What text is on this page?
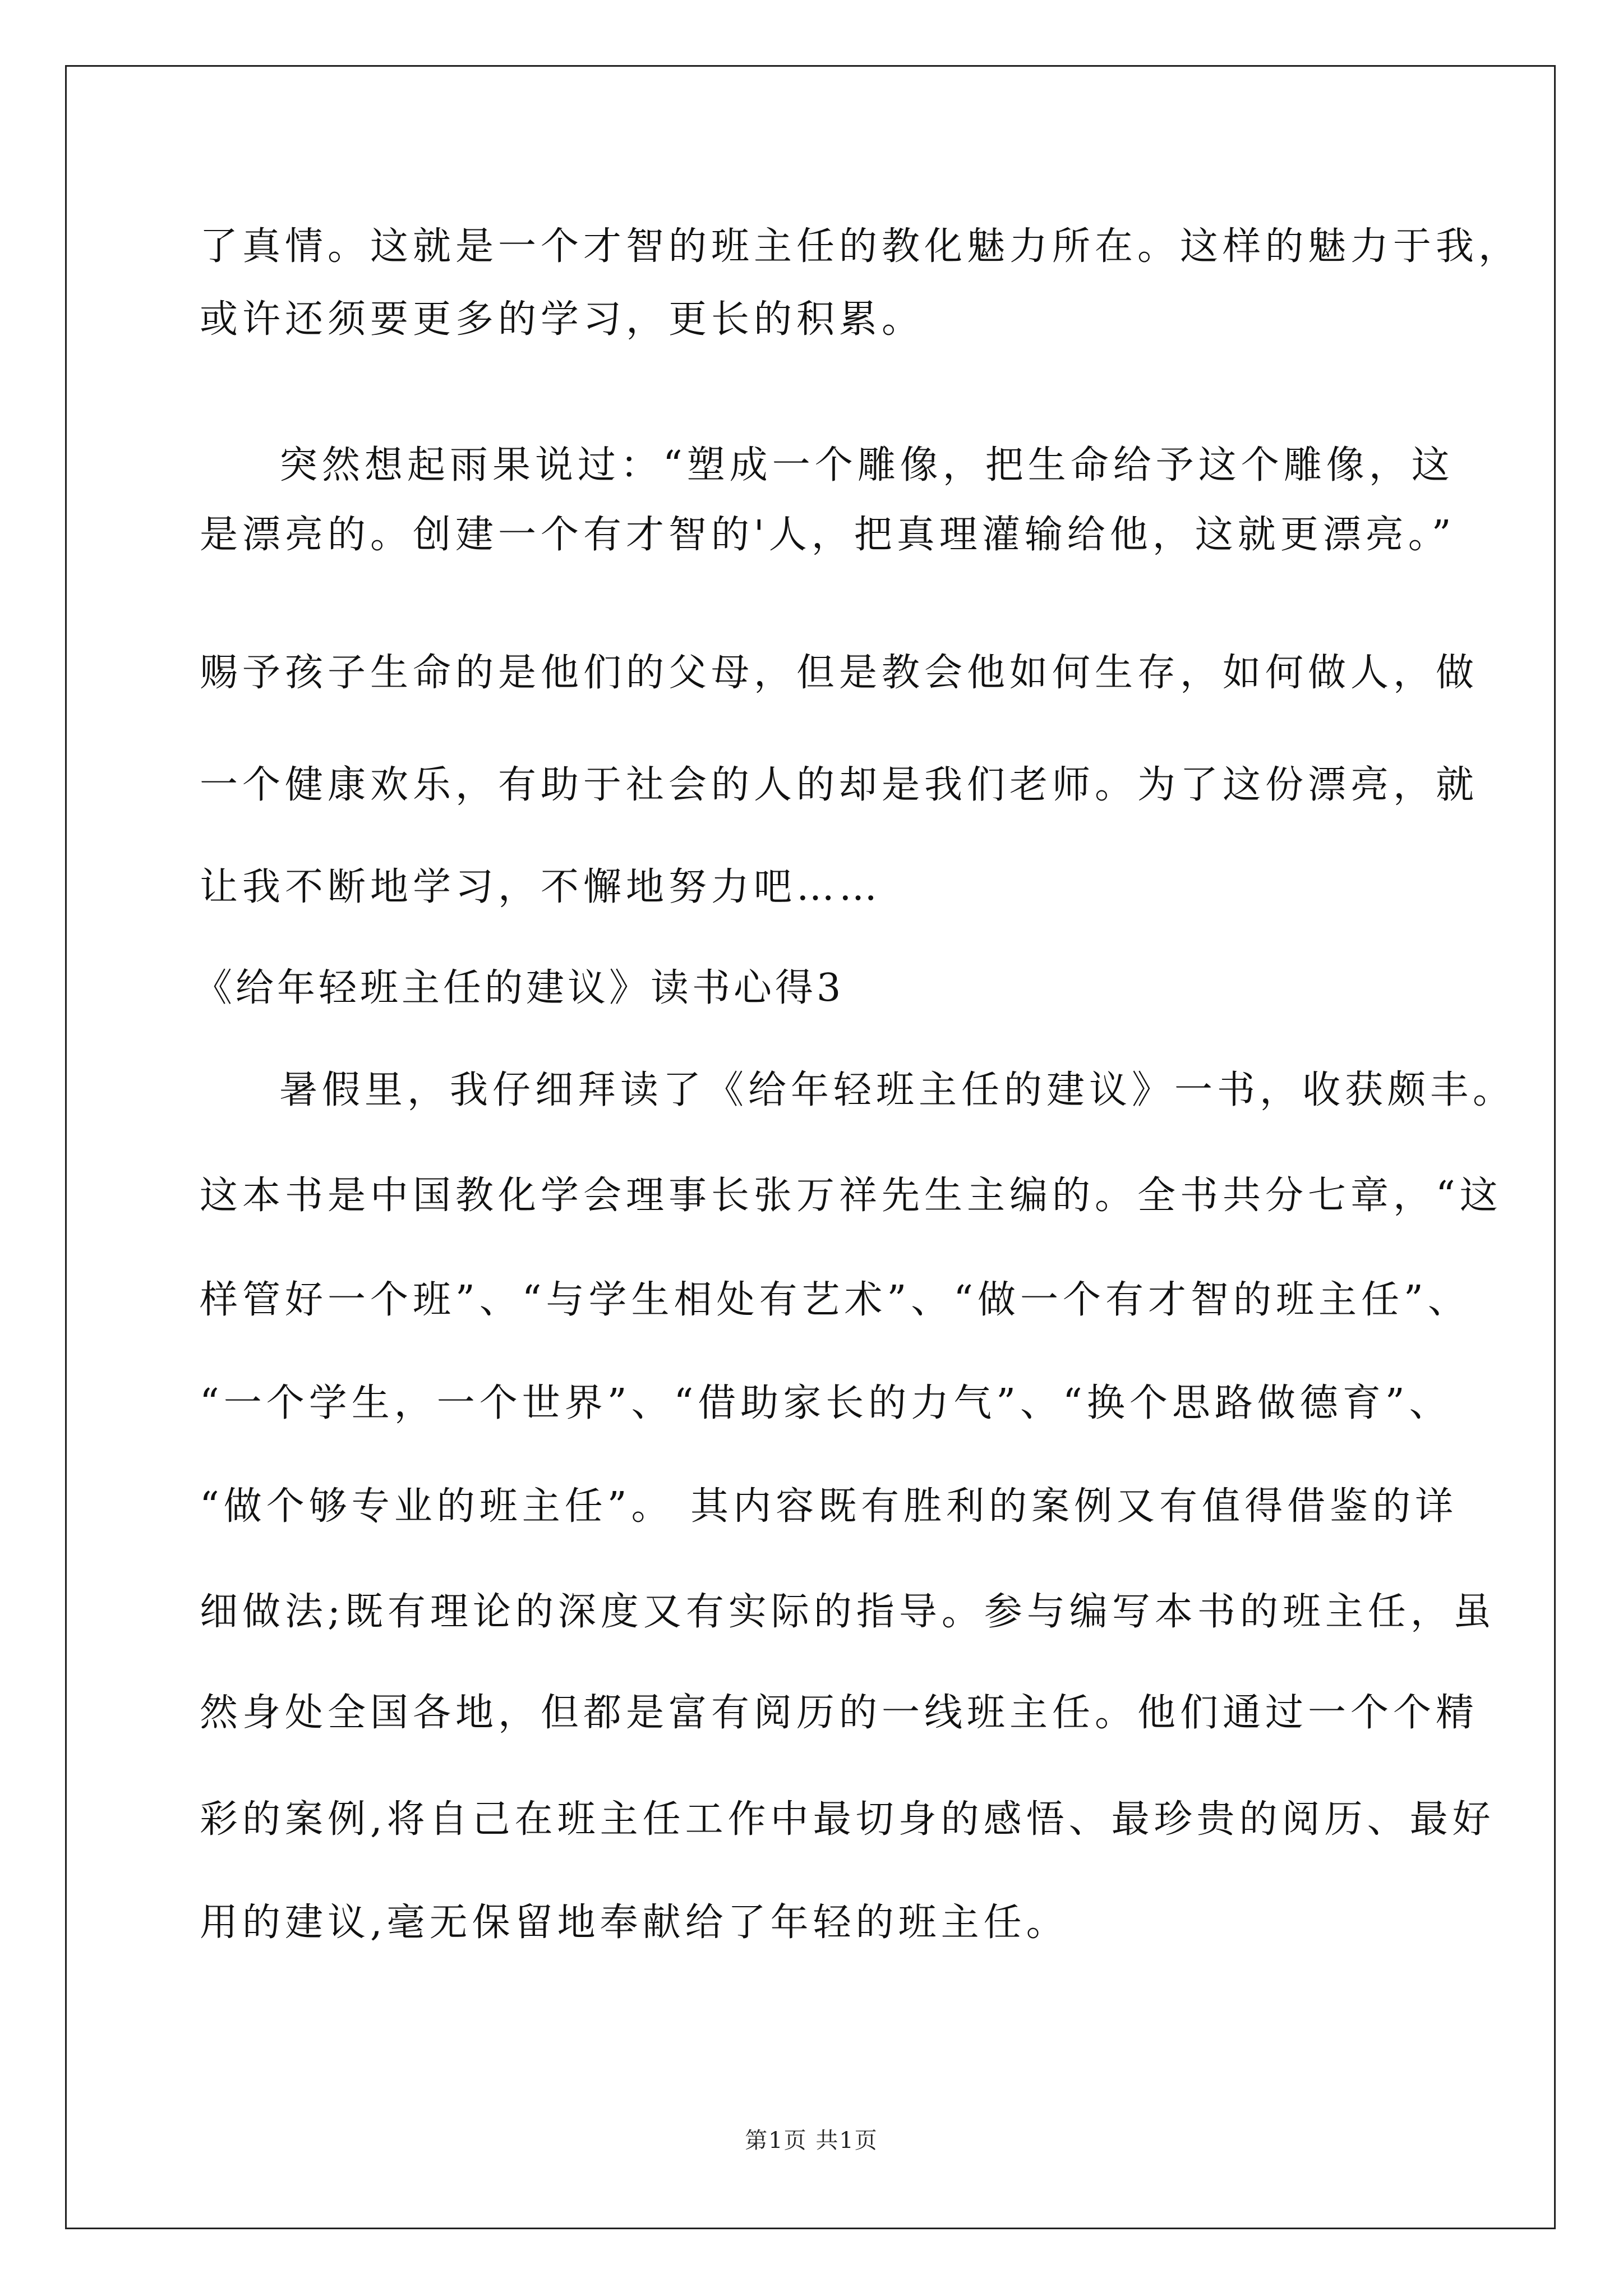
了真情。这就是一个才智的班主任的教化魅力所在。这样的魅力于我，
或许还须要更多的学习，更长的积累。
突然想起雨果说过：“塑成一个雕像，把生命给予这个雕像，这
是漂亮的。创建一个有才智的'人，把真理灌输给他，这就更漂亮。”
赐予孩子生命的是他们的父母，但是教会他如何生存，如何做人，做
一个健康欢乐，有助于社会的人的却是我们老师。为了这份漂亮，就
让我不断地学习，不懈地努力吧……
《给年轻班主任的建议》读书心得3
暑假里，我仔细拜读了《给年轻班主任的建议》一书，收获颇丰。
这本书是中国教化学会理事长张万祥先生主编的。全书共分七章，“这
样管好一个班”、“与学生相处有艺术”、“做一个有才智的班主任”、
“一个学生，一个世界”、“借助家长的力气”、“换个思路做德育”、
“做个够专业的班主任”。 其内容既有胜利的案例又有值得借鉴的详
细做法;既有理论的深度又有实际的指导。参与编写本书的班主任，虽
然身处全国各地，但都是富有阅历的一线班主任。他们通过一个个精
彩的案例,将自己在班主任工作中最切身的感悟、最珍贵的阅历、最好
用的建议,毫无保留地奉献给了年轻的班主任。
第1页 共1页
